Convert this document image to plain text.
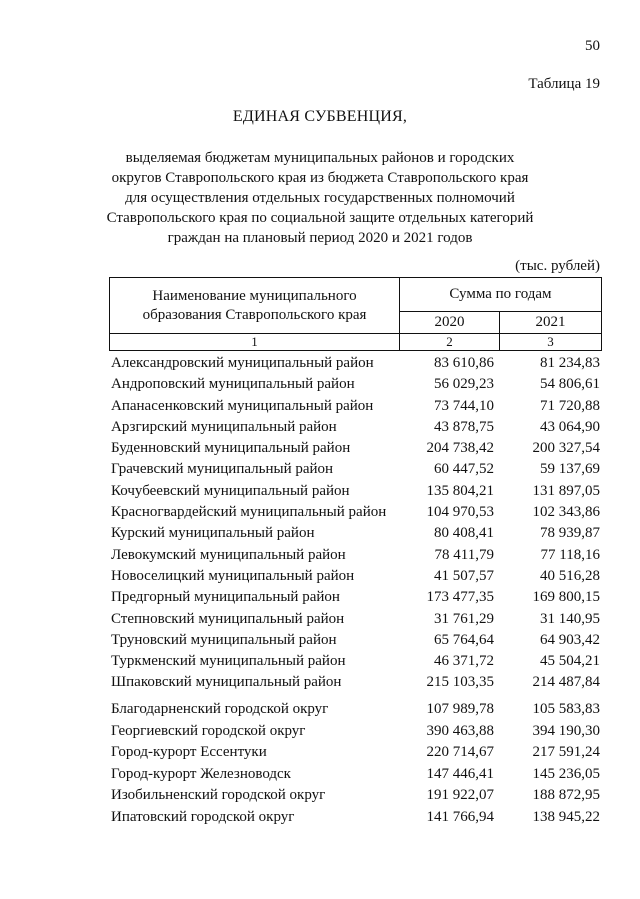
50
Таблица 19
ЕДИНАЯ СУБВЕНЦИЯ,
выделяемая бюджетам муниципальных районов и городских округов Ставропольского края из бюджета Ставропольского края для осуществления отдельных государственных полномочий Ставропольского края по социальной защите отдельных категорий граждан на плановый период 2020 и 2021 годов
(тыс. рублей)
Наименование муниципального образования Ставропольского края
Сумма по годам
2020	2021
1	2	3
Александровский муниципальный район	83 610,86	81 234,83
Андроповский муниципальный район	56 029,23	54 806,61
Апанасенковский муниципальный район	73 744,10	71 720,88
Арзгирский муниципальный район	43 878,75	43 064,90
Буденновский муниципальный район	204 738,42	200 327,54
Грачевский муниципальный район	60 447,52	59 137,69
Кочубеевский муниципальный район	135 804,21	131 897,05
Красногвардейский муниципальный район	104 970,53	102 343,86
Курский муниципальный район	80 408,41	78 939,87
Левокумский муниципальный район	78 411,79	77 118,16
Новоселицкий муниципальный район	41 507,57	40 516,28
Предгорный муниципальный район	173 477,35	169 800,15
Степновский муниципальный район	31 761,29	31 140,95
Труновский муниципальный район	65 764,64	64 903,42
Туркменский муниципальный район	46 371,72	45 504,21
Шпаковский муниципальный район	215 103,35	214 487,84
Благодарненский городской округ	107 989,78	105 583,83
Георгиевский городской округ	390 463,88	394 190,30
Город-курорт Ессентуки	220 714,67	217 591,24
Город-курорт Железноводск	147 446,41	145 236,05
Изобильненский городской округ	191 922,07	188 872,95
Ипатовский городской округ	141 766,94	138 945,22
